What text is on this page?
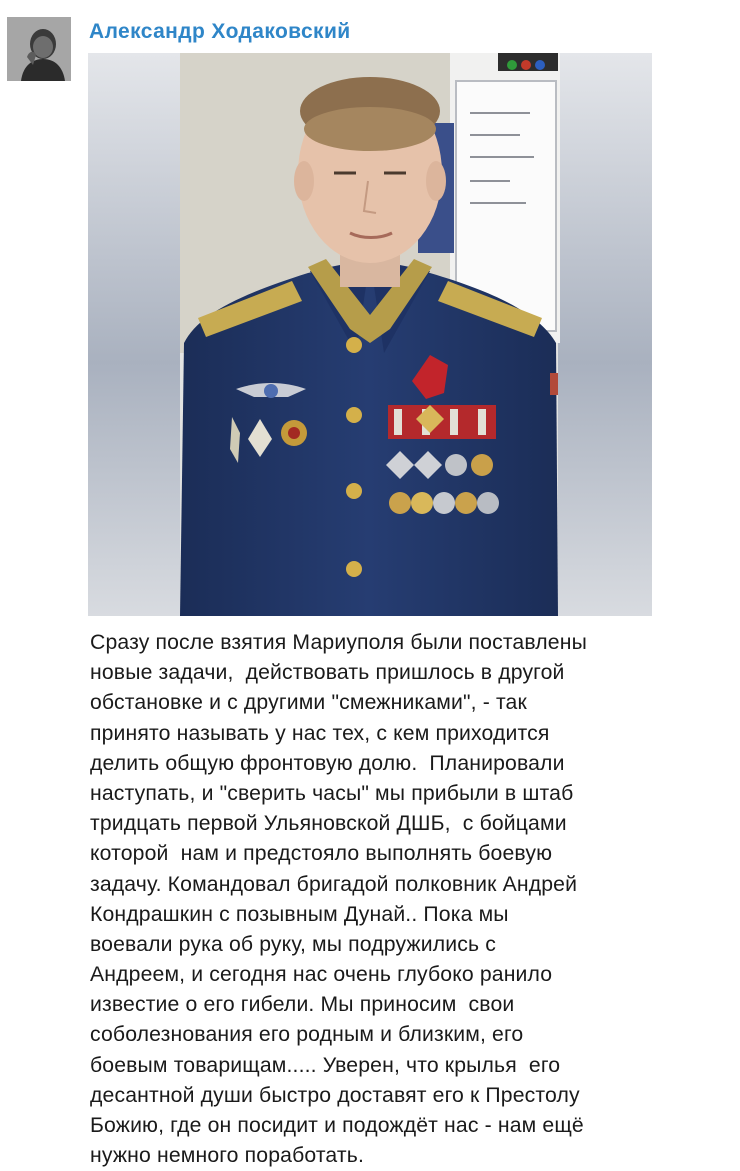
Александр Ходаковский
Сразу после взятия Мариуполя были поставлены
новые задачи,  действовать пришлось в другой
обстановке и с другими "смежниками", - так
принято называть у нас тех, с кем приходится
делить общую фронтовую долю.  Планировали
наступать, и "сверить часы" мы прибыли в штаб
тридцать первой Ульяновской ДШБ,  с бойцами
которой  нам и предстояло выполнять боевую
задачу. Командовал бригадой полковник Андрей
Кондрашкин с позывным Дунай.. Пока мы
воевали рука об руку, мы подружились с
Андреем, и сегодня нас очень глубоко ранило
известие о его гибели. Мы приносим  свои
соболезнования его родным и близким, его
боевым товарищам..... Уверен, что крылья  его
десантной души быстро доставят его к Престолу
Божию, где он посидит и подождёт нас - нам ещё
нужно немного поработать.
